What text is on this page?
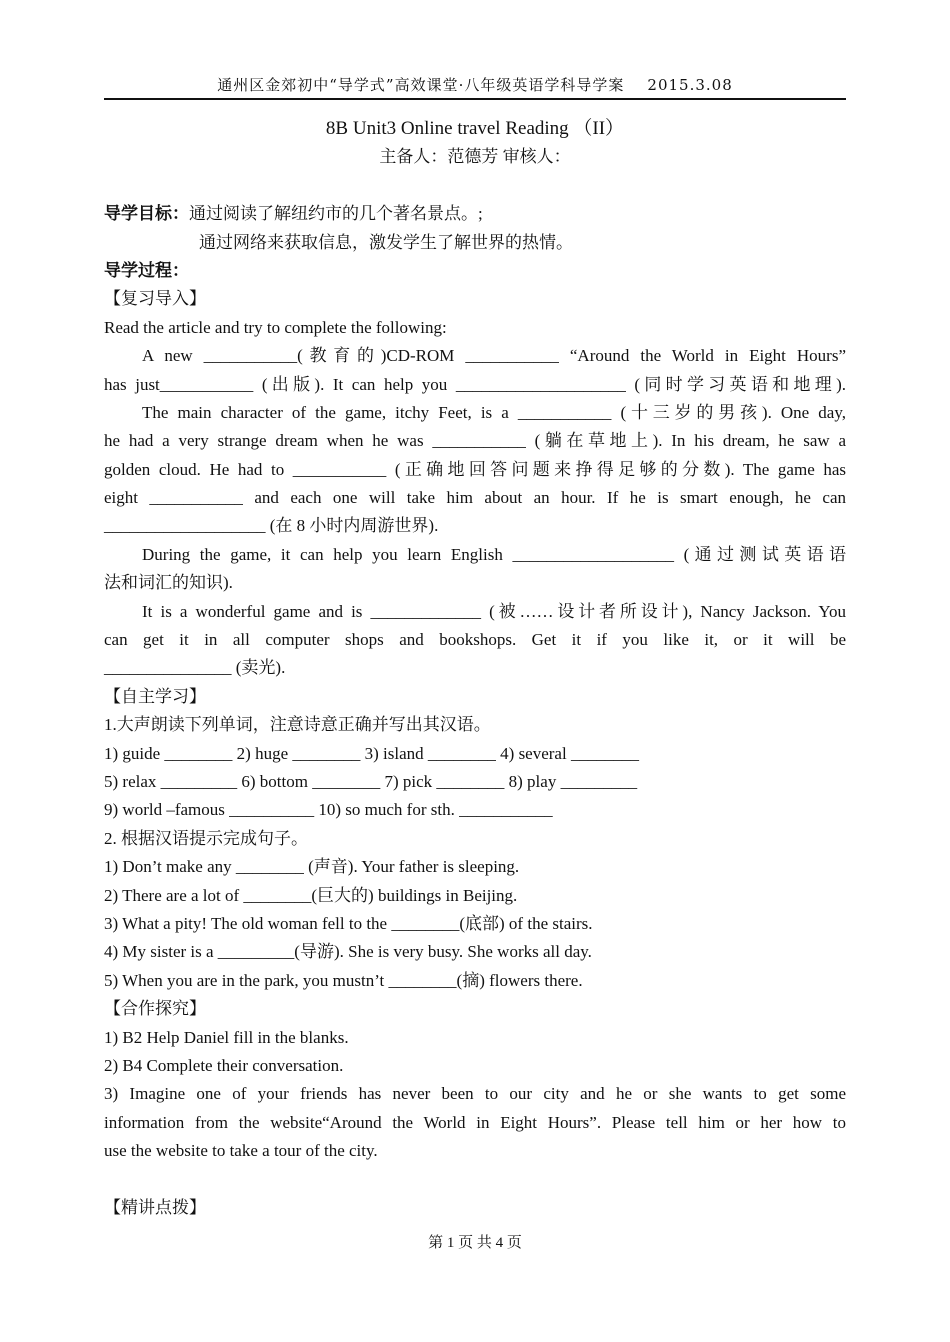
通州区金郊初中“导学式”高效课堂·八年级英语学科导学案    2015.3.08
8B Unit3 Online travel Reading （II）
主备人：范德芳 审核人：
导学目标：通过阅读了解纽约市的几个著名景点。;
通过网络来获取信息，激发学生了解世界的热情。
导学过程：
【复习导入】
Read the article and try to complete the following:
A new ___________(教育的)CD-ROM ___________ “Around the World in Eight Hours”
has just___________ (出版). It can help you ____________________ (同时学习英语和地理).
The main character of the game, itchy Feet, is a ___________ (十三岁的男孩). One day,
he had a very strange dream when he was ___________ (躺在草地上). In his dream, he saw a
golden cloud. He had to ___________ (正确地回答问题来挣得足够的分数). The game has
eight ___________ and each one will take him about an hour. If he is smart enough, he can
___________________ (在 8 小时内周游世界).
During the game, it can help you learn English ___________________ (通过测试英语语
法和词汇的知识).
It is a wonderful game and is _____________ (被……设计者所设计), Nancy Jackson. You
can get it in all computer shops and bookshops. Get it if you like it, or it will be
_______________ (卖光).
【自主学习】
1.大声朗读下列单词，注意诗意正确并写出其汉语。
1) guide ________ 2) huge ________ 3) island ________ 4) several ________
5) relax _________ 6) bottom ________ 7) pick ________ 8) play _________
9) world –famous __________ 10) so much for sth. ___________
2. 根据汉语提示完成句子。
1) Don’t make any ________ (声音). Your father is sleeping.
2) There are a lot of ________(巨大的) buildings in Beijing.
3) What a pity! The old woman fell to the ________(底部) of the stairs.
4) My sister is a _________(导游). She is very busy. She works all day.
5) When you are in the park, you mustn’t ________(摘) flowers there.
【合作探究】
1) B2 Help Daniel fill in the blanks.
2) B4 Complete their conversation.
3) Imagine one of your friends has never been to our city and he or she wants to get some
information from the website“Around the World in Eight Hours”. Please tell him or her how to
use the website to take a tour of the city.
【精讲点拨】
第 1 页 共 4 页
